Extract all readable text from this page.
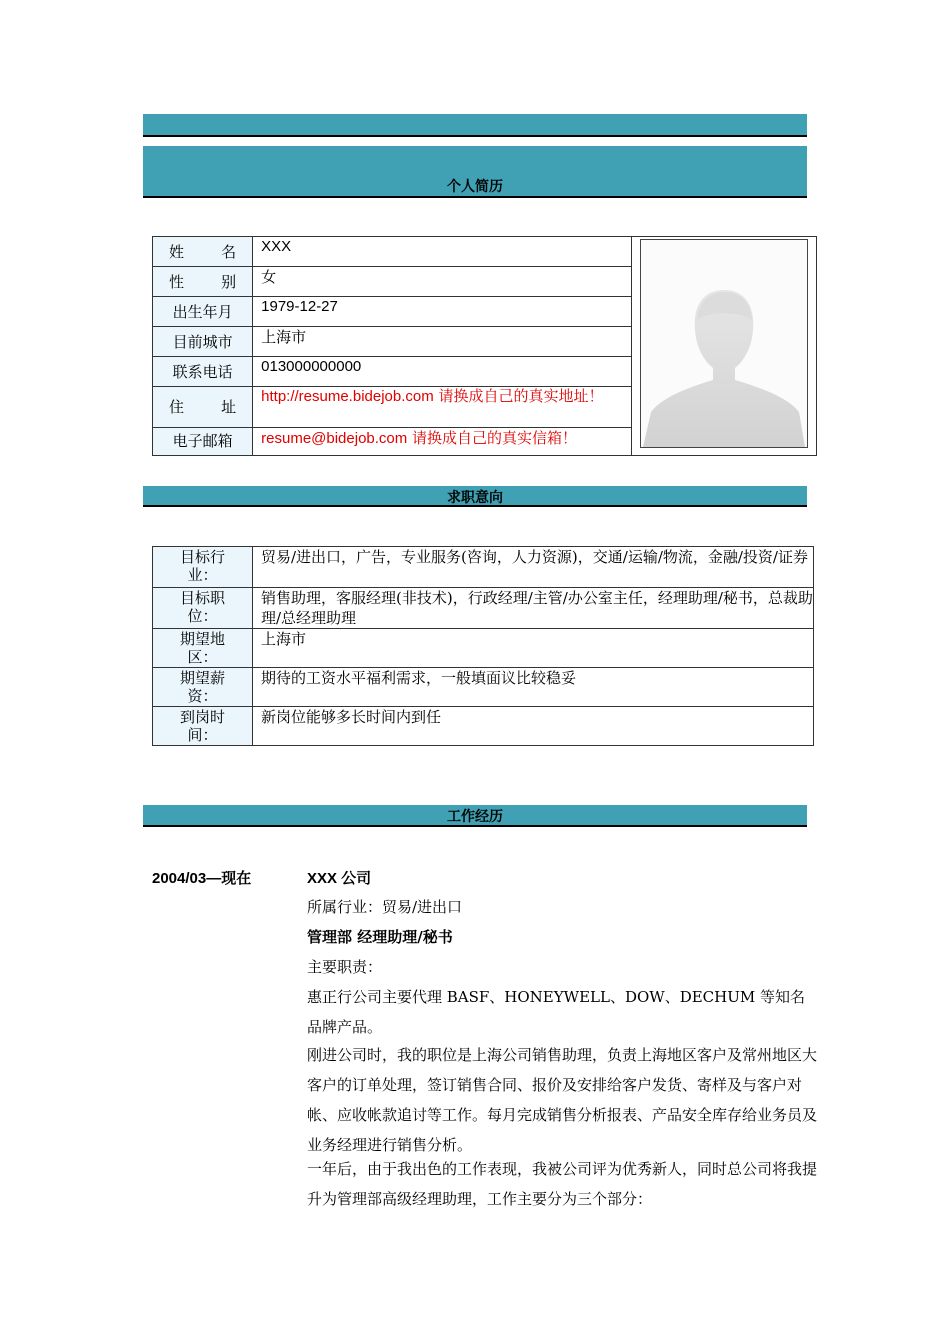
个人简历
姓　　名	XXX	

性　　别	女	

出生年月	1979-12-27	

目前城市	上海市	

联系电话	013000000000	

住　　址	http://resume.bidejob.com 请换成自己的真实地址！	

电子邮箱	resume@bidejob.com 请换成自己的真实信箱！	
求职意向
目标行业：	贸易/进出口，广告，专业服务(咨询，人力资源)，交通/运输/物流，金融/投资/证券

目标职位：	销售助理，客服经理(非技术)，行政经理/主管/办公室主任，经理助理/秘书，总裁助理/总经理助理

期望地区：	上海市

期望薪资：	期待的工资水平福利需求，一般填面议比较稳妥

到岗时间：	新岗位能够多长时间内到任
工作经历
2004/03—现在	XXX 公司
所属行业：贸易/进出口
管理部 经理助理/秘书
主要职责：
惠正行公司主要代理 BASF、HONEYWELL、DOW、DECHUM 等知名品牌产品。
刚进公司时，我的职位是上海公司销售助理，负责上海地区客户及常州地区大客户的订单处理，签订销售合同、报价及安排给客户发货、寄样及与客户对帐、应收帐款追讨等工作。每月完成销售分析报表、产品安全库存给业务员及业务经理进行销售分析。
一年后，由于我出色的工作表现，我被公司评为优秀新人，同时总公司将我提升为管理部高级经理助理，工作主要分为三个部分：
